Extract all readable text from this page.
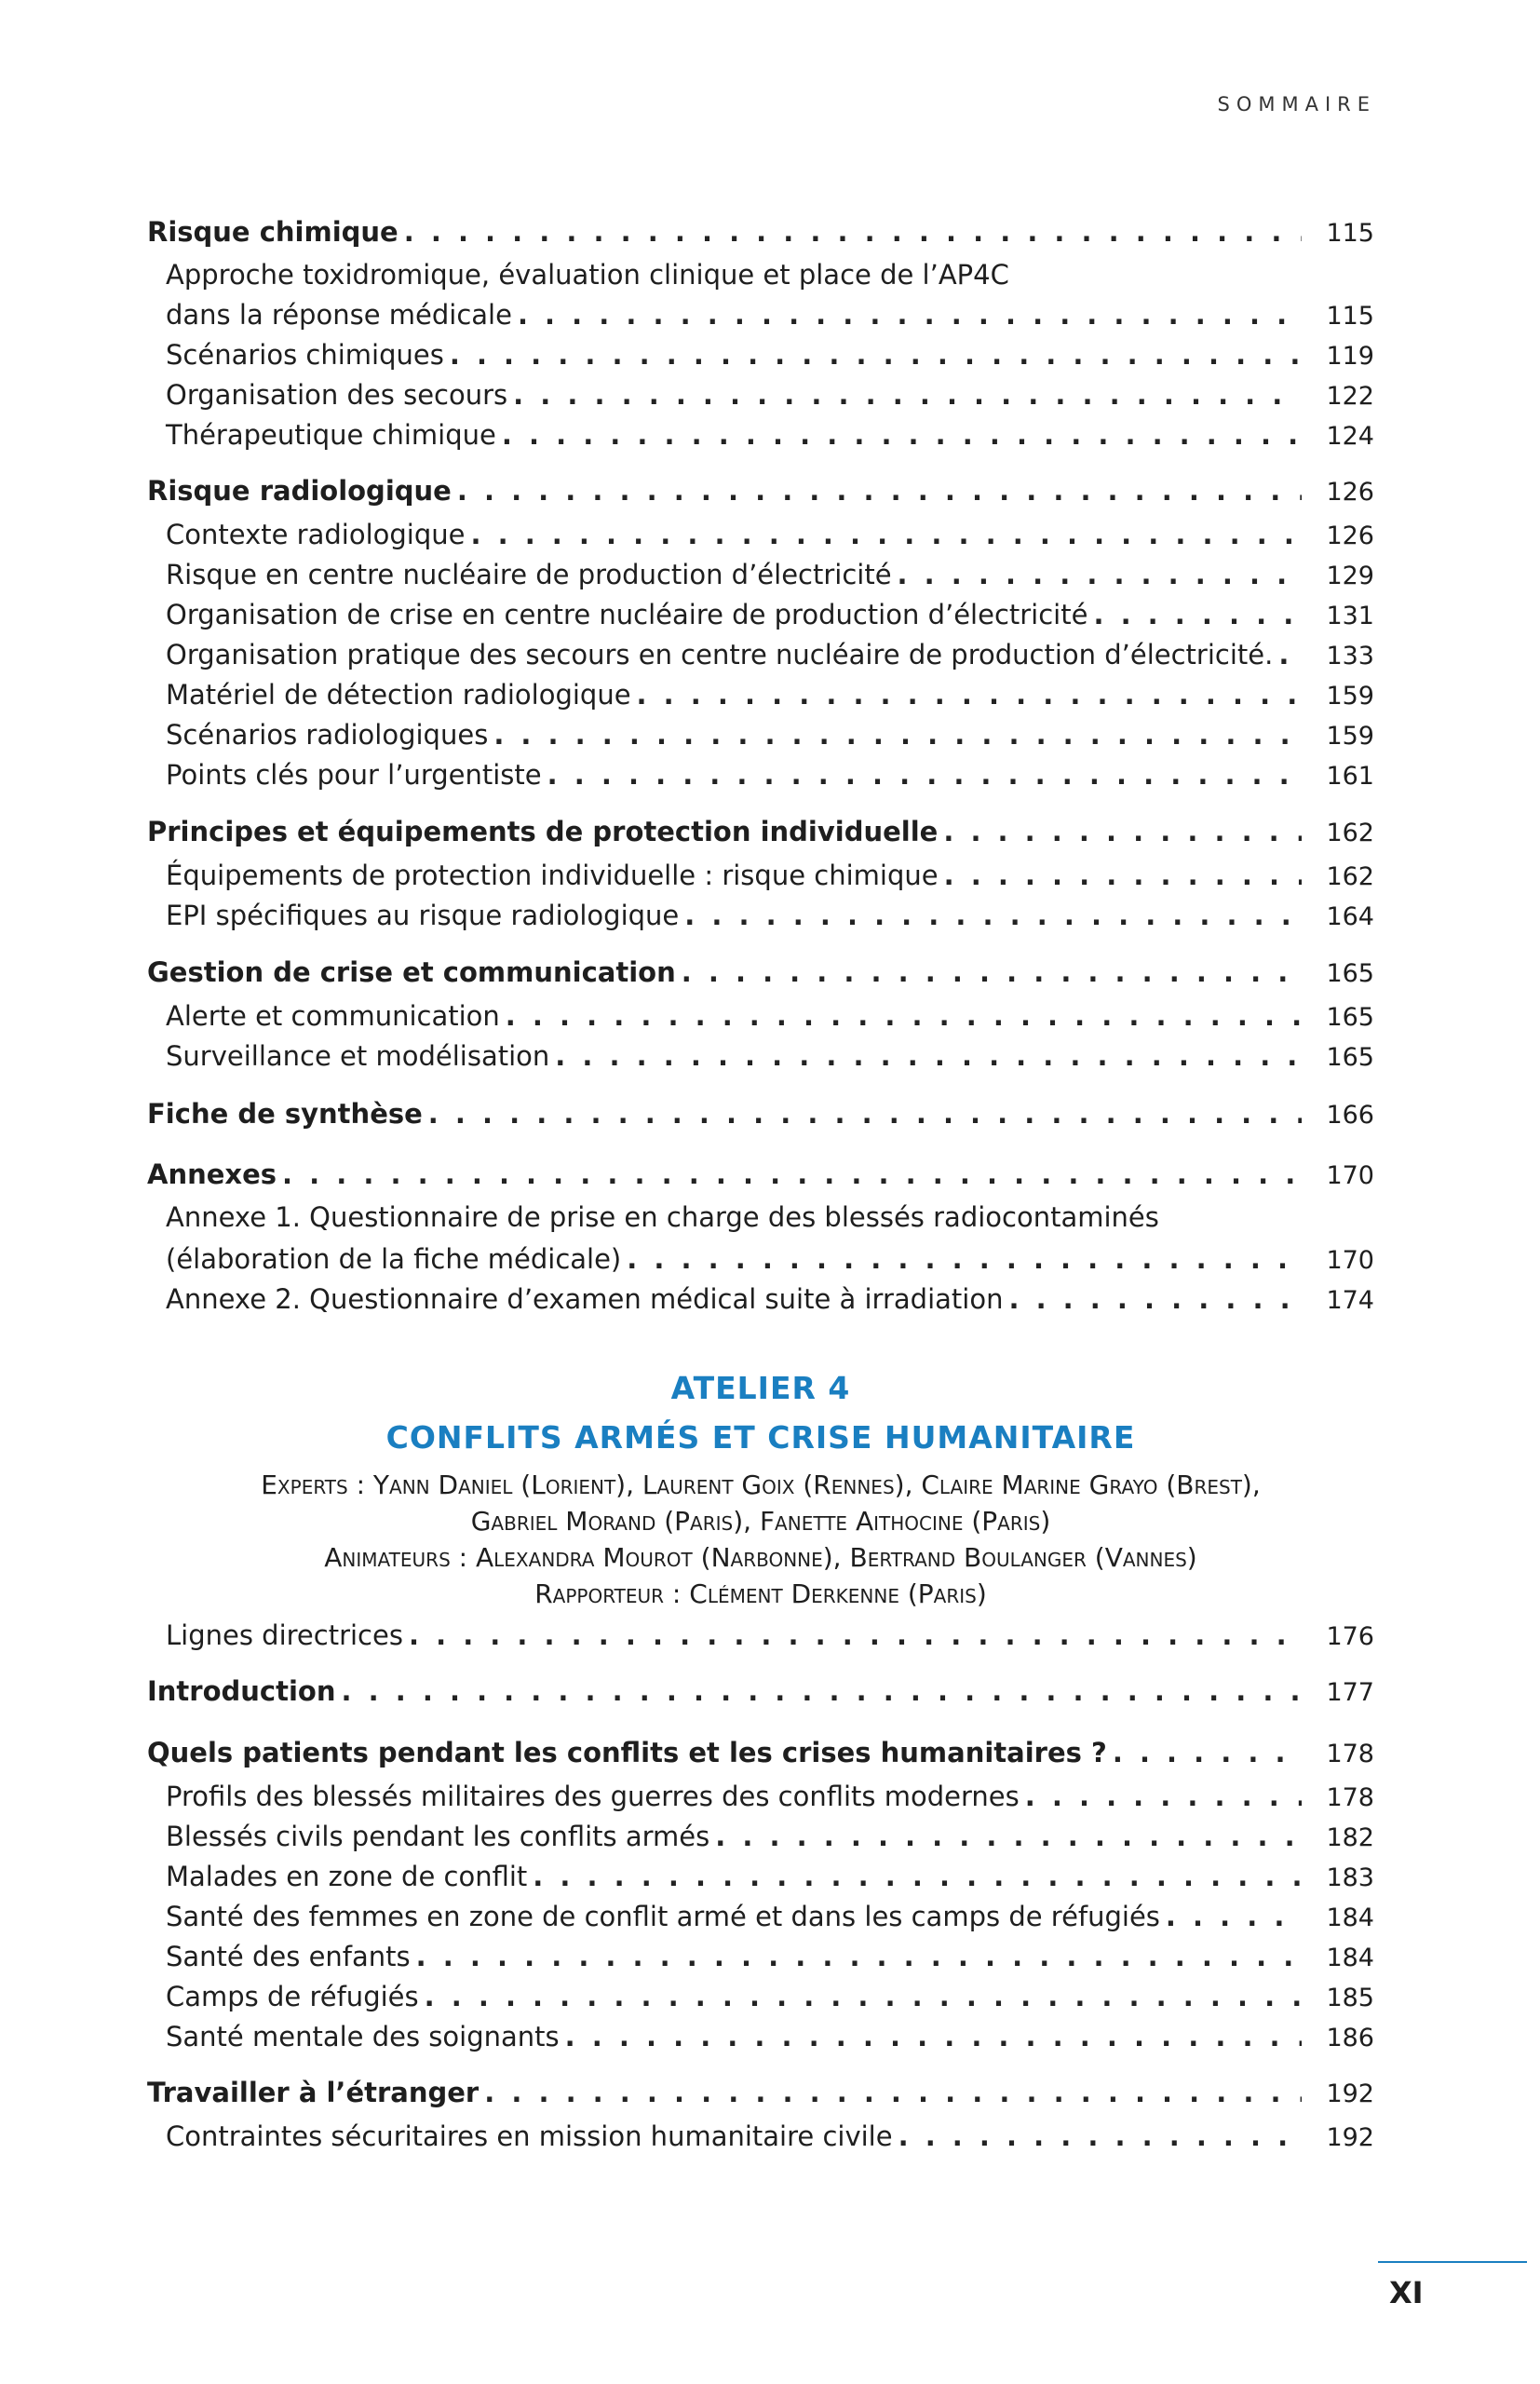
SOMMAIRE
Risque chimique . . .	115
Approche toxidromique, évaluation clinique et place de l’AP4C
dans la réponse médicale . . .	115
Scénarios chimiques . . .	119
Organisation des secours . . .	122
Thérapeutique chimique . . .	124
Risque radiologique . . .	126
Contexte radiologique . . .	126
Risque en centre nucléaire de production d’électricité . . .	129
Organisation de crise en centre nucléaire de production d’électricité . . .	131
Organisation pratique des secours en centre nucléaire de production d’électricité. . . .	133
Matériel de détection radiologique . . .	159
Scénarios radiologiques . . .	159
Points clés pour l’urgentiste . . .	161
Principes et équipements de protection individuelle . . .	162
Équipements de protection individuelle : risque chimique . . .	162
EPI spécifiques au risque radiologique . . .	164
Gestion de crise et communication . . .	165
Alerte et communication . . .	165
Surveillance et modélisation . . .	165
Fiche de synthèse . . .	166
Annexes . . .	170
Annexe 1. Questionnaire de prise en charge des blessés radiocontaminés
(élaboration de la fiche médicale) . . .	170
Annexe 2. Questionnaire d’examen médical suite à irradiation . . .	174
ATELIER 4
CONFLITS ARMÉS ET CRISE HUMANITAIRE
Experts : Yann Daniel (Lorient), Laurent Goix (Rennes), Claire Marine Grayo (Brest),
Gabriel Morand (Paris), Fanette Aithocine (Paris)
Animateurs : Alexandra Mourot (Narbonne), Bertrand Boulanger (Vannes)
Rapporteur : Clément Derkenne (Paris)
Lignes directrices . . .	176
Introduction . . .	177
Quels patients pendant les conflits et les crises humanitaires ? . . .	178
Profils des blessés militaires des guerres des conflits modernes . . .	178
Blessés civils pendant les conflits armés . . .	182
Malades en zone de conflit . . .	183
Santé des femmes en zone de conflit armé et dans les camps de réfugiés . . .	184
Santé des enfants . . .	184
Camps de réfugiés . . .	185
Santé mentale des soignants . . .	186
Travailler à l’étranger . . .	192
Contraintes sécuritaires en mission humanitaire civile . . .	192
XI
